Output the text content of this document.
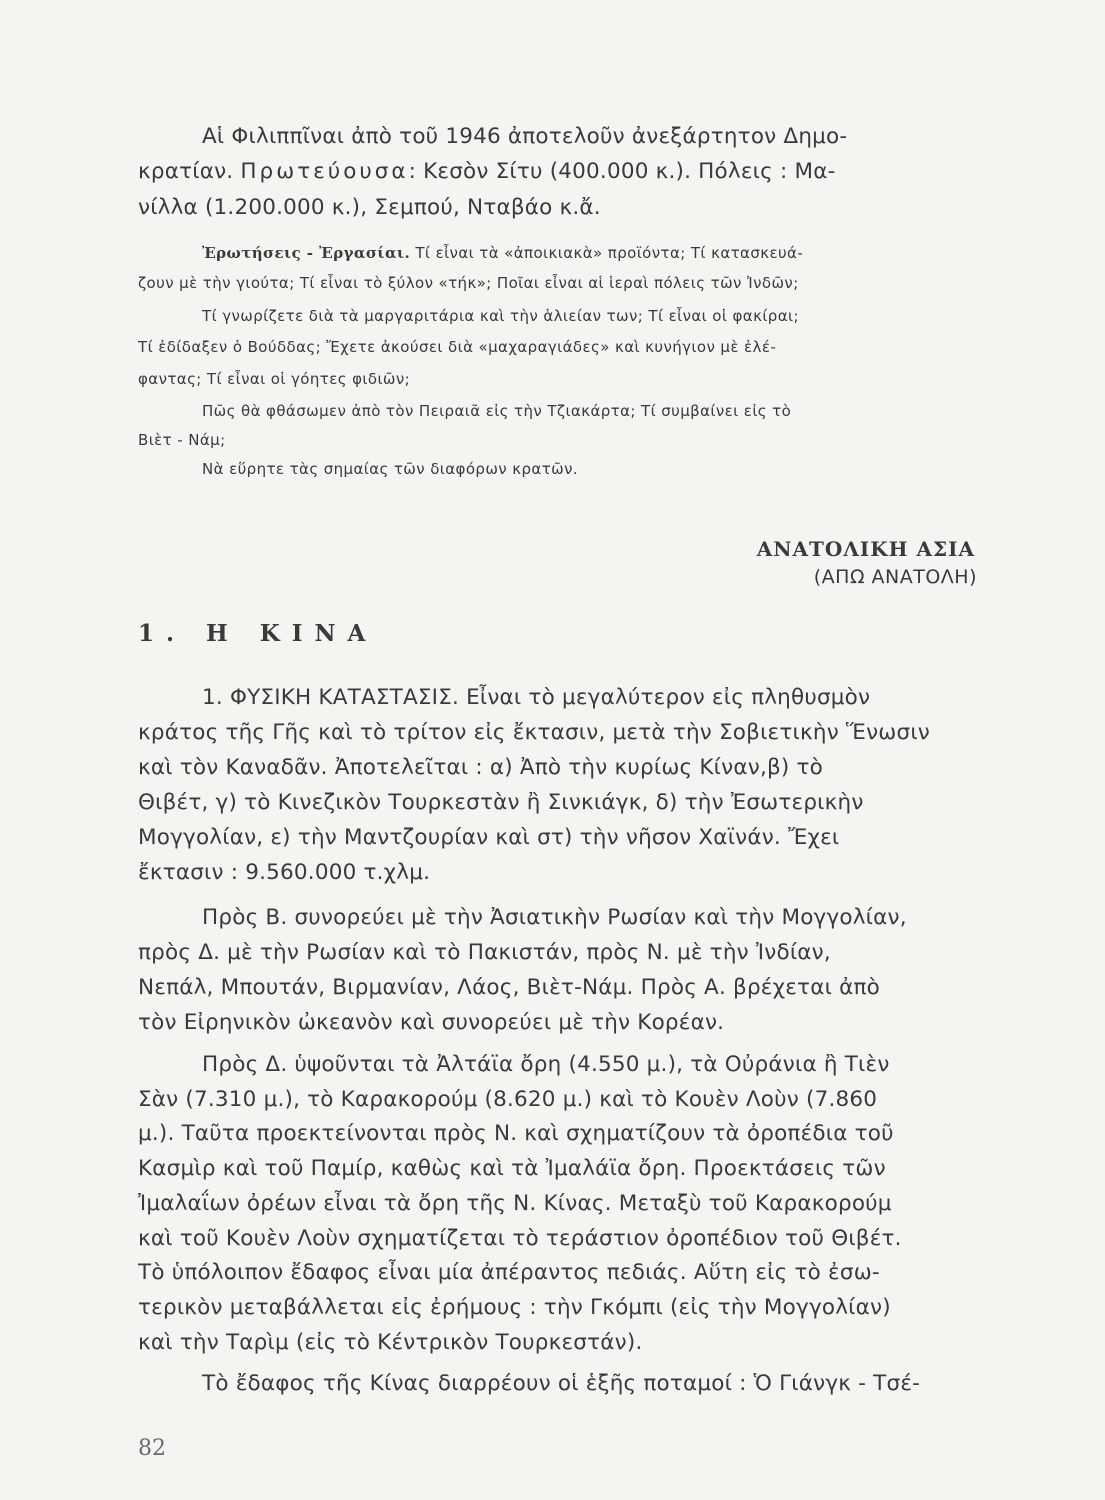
Αἱ Φιλιππῖναι ἀπὸ τοῦ 1946 ἀποτελοῦν ἀνεξάρτητον Δημο-
κρατίαν. Πρωτεύουσα: Κεσὸν Σίτυ (400.000 κ.). Πόλεις : Μα-
νίλλα (1.200.000 κ.), Σεμπού, Νταβάο κ.ἄ.
Ἐρωτήσεις - Ἐργασίαι. Τί εἶναι τὰ «ἀποικιακὰ» προϊόντα; Τί κατασκευά-
ζουν μὲ τὴν γιούτα; Τί εἶναι τὸ ξύλον «τήκ»; Ποῖαι εἶναι αἱ ἱεραὶ πόλεις τῶν Ἰνδῶν;
Τί γνωρίζετε διὰ τὰ μαργαριτάρια καὶ τὴν ἁλιείαν των; Τί εἶναι οἱ φακίραι;
Τί ἐδίδαξεν ὁ Βούδδας; Ἔχετε ἀκούσει διὰ «μαχαραγιάδες» καὶ κυνήγιον μὲ ἐλέ-
φαντας; Τί εἶναι οἱ γόητες φιδιῶν;
Πῶς θὰ φθάσωμεν ἀπὸ τὸν Πειραιᾶ εἰς τὴν Τζιακάρτα; Τί συμβαίνει εἰς τὸ
Βιὲτ - Νάμ;
Νὰ εὕρητε τὰς σημαίας τῶν διαφόρων κρατῶν.
ΑΝΑΤΟΛΙΚΗ ΑΣΙΑ
(ΑΠΩ ΑΝΑΤΟΛΗ)
1. Η ΚΙΝΑ
1. ΦΥΣΙΚΗ ΚΑΤΑΣΤΑΣΙΣ. Εἶναι τὸ μεγαλύτερον εἰς πληθυσμὸν
κράτος τῆς Γῆς καὶ τὸ τρίτον εἰς ἔκτασιν, μετὰ τὴν Σοβιετικὴν Ἕνωσιν
καὶ τὸν Καναδᾶν. Ἀποτελεῖται : α) Ἀπὸ τὴν κυρίως Κίναν,β) τὸ
Θιβέτ, γ) τὸ Κινεζικὸν Τουρκεστὰν ἢ Σινκιάγκ, δ) τὴν Ἐσωτερικὴν
Μογγολίαν, ε) τὴν Μαντζουρίαν καὶ στ) τὴν νῆσον Χαϊνάν. Ἔχει
ἔκτασιν : 9.560.000 τ.χλμ.
Πρὸς Β. συνορεύει μὲ τὴν Ἀσιατικὴν Ρωσίαν καὶ τὴν Μογγολίαν,
πρὸς Δ. μὲ τὴν Ρωσίαν καὶ τὸ Πακιστάν, πρὸς Ν. μὲ τὴν Ἰνδίαν,
Νεπάλ, Μπουτάν, Βιρμανίαν, Λάος, Βιὲτ-Νάμ. Πρὸς Α. βρέχεται ἀπὸ
τὸν Εἰρηνικὸν ὠκεανὸν καὶ συνορεύει μὲ τὴν Κορέαν.
Πρὸς Δ. ὑψοῦνται τὰ Ἀλτάϊα ὄρη (4.550 μ.), τὰ Οὐράνια ἢ Τιὲν
Σὰν (7.310 μ.), τὸ Καρακορούμ (8.620 μ.) καὶ τὸ Κουὲν Λοὺν (7.860
μ.). Ταῦτα προεκτείνονται πρὸς Ν. καὶ σχηματίζουν τὰ ὀροπέδια τοῦ
Κασμὶρ καὶ τοῦ Παμίρ, καθὼς καὶ τὰ Ἰμαλάϊα ὄρη. Προεκτάσεις τῶν
Ἰμαλαΐων ὀρέων εἶναι τὰ ὄρη τῆς Ν. Κίνας. Μεταξὺ τοῦ Καρακορούμ
καὶ τοῦ Κουὲν Λοὺν σχηματίζεται τὸ τεράστιον ὀροπέδιον τοῦ Θιβέτ.
Τὸ ὑπόλοιπον ἔδαφος εἶναι μία ἀπέραντος πεδιάς. Αὕτη εἰς τὸ ἐσω-
τερικὸν μεταβάλλεται εἰς ἐρήμους : τὴν Γκόμπι (εἰς τὴν Μογγολίαν)
καὶ τὴν Ταρὶμ (εἰς τὸ Κέντρικὸν Τουρκεστάν).
Τὸ ἔδαφος τῆς Κίνας διαρρέουν οἱ ἑξῆς ποταμοί : Ὁ Γιάνγκ - Τσέ-
82
